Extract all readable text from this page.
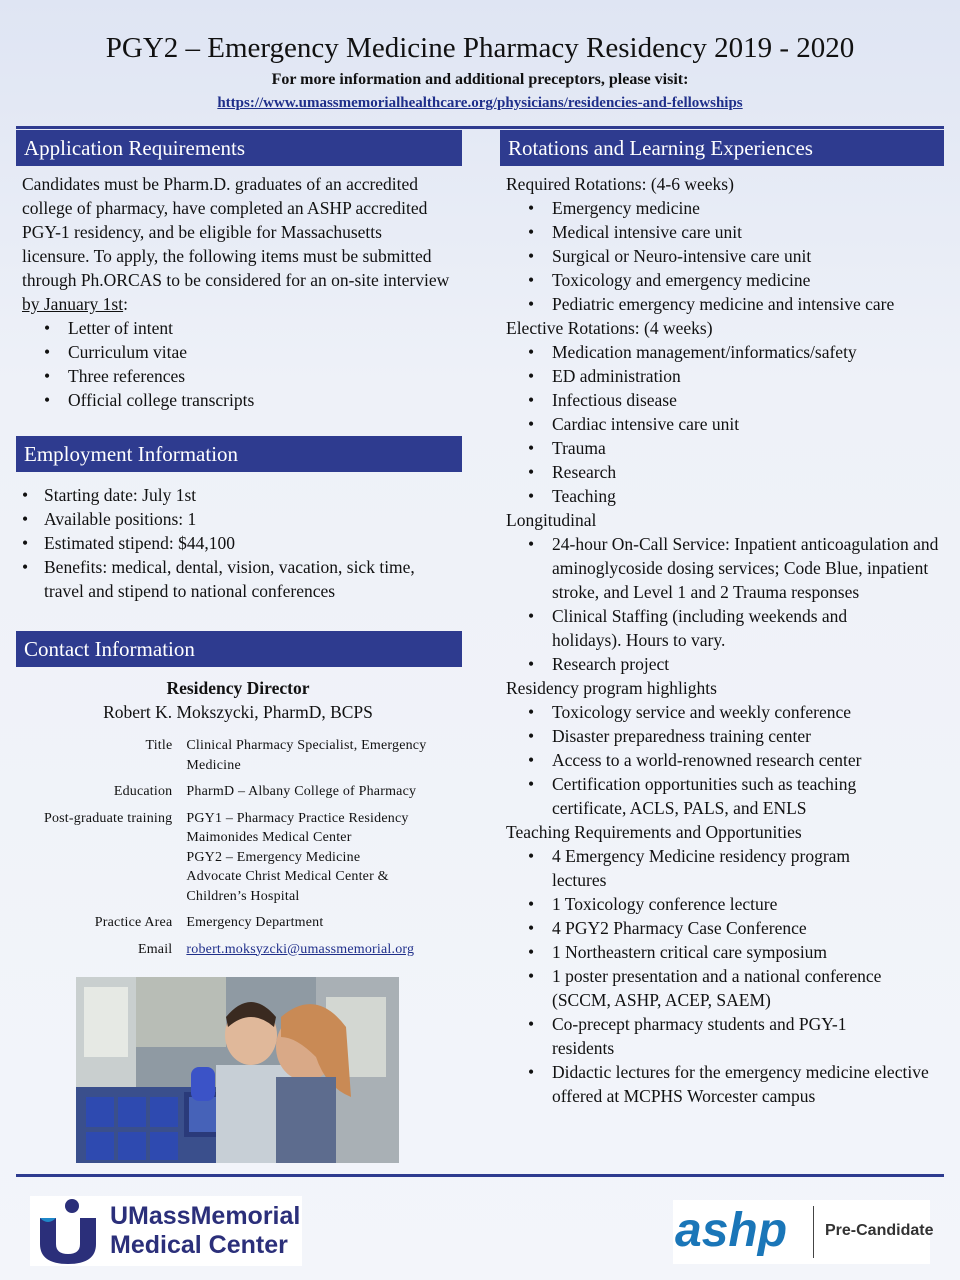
PGY2 – Emergency Medicine Pharmacy Residency 2019 - 2020
For more information and additional preceptors, please visit:
https://www.umassmemorialhealthcare.org/physicians/residencies-and-fellowships
Application Requirements

Candidates must be Pharm.D. graduates of an accredited college of pharmacy, have completed an ASHP accredited PGY-1 residency, and be eligible for Massachusetts licensure. To apply, the following items must be submitted through Ph.ORCAS to be considered for an on-site interview by January 1st:

• Letter of intent
• Curriculum vitae
• Three references
• Official college transcripts
Employment Information
• Starting date: July 1st
• Available positions: 1
• Estimated stipend: $44,100
• Benefits: medical, dental, vision, vacation, sick time, travel and stipend to national conferences
Contact Information
Residency Director
Robert K. Mokszycki, PharmD, BCPS
Title	Clinical Pharmacy Specialist, Emergency Medicine
Education	PharmD – Albany College of Pharmacy
Post-graduate training	PGY1 – Pharmacy Practice Residency
Maimonides Medical Center
PGY2 – Emergency Medicine
Advocate Christ Medical Center & Children’s Hospital

Practice Area	Emergency Department
Email	robert.moksyzcki@umassmemorial.org
Rotations and Learning Experiences

Required Rotations: (4-6 weeks)

• Emergency medicine
• Medical intensive care unit
• Surgical or Neuro-intensive care unit
• Toxicology and emergency medicine
• Pediatric emergency medicine and intensive care

Elective Rotations: (4 weeks)

• Medication management/informatics/safety
• ED administration
• Infectious disease
• Cardiac intensive care unit
• Trauma
• Research
• Teaching

Longitudinal

• 24-hour On-Call Service: Inpatient anticoagulation and aminoglycoside dosing services; Code Blue, inpatient stroke, and Level 1 and 2 Trauma responses
• Clinical Staffing (including weekends and holidays). Hours to vary.
• Research project

Residency program highlights

• Toxicology service and weekly conference
• Disaster preparedness training center
• Access to a world-renowned research center
• Certification opportunities such as teaching certificate, ACLS, PALS, and ENLS

Teaching Requirements and Opportunities

• 4 Emergency Medicine residency program lectures
• 1 Toxicology conference lecture
• 4 PGY2 Pharmacy Case Conference
• 1 Northeastern critical care symposium
• 1 poster presentation and a national conference (SCCM, ASHP, ACEP, SAEM)
• Co-precept pharmacy students and PGY-1 residents
• Didactic lectures for the emergency medicine elective offered at MCPHS Worcester campus
UMassMemorial
Medical Center	ashp Pre-Candidate
